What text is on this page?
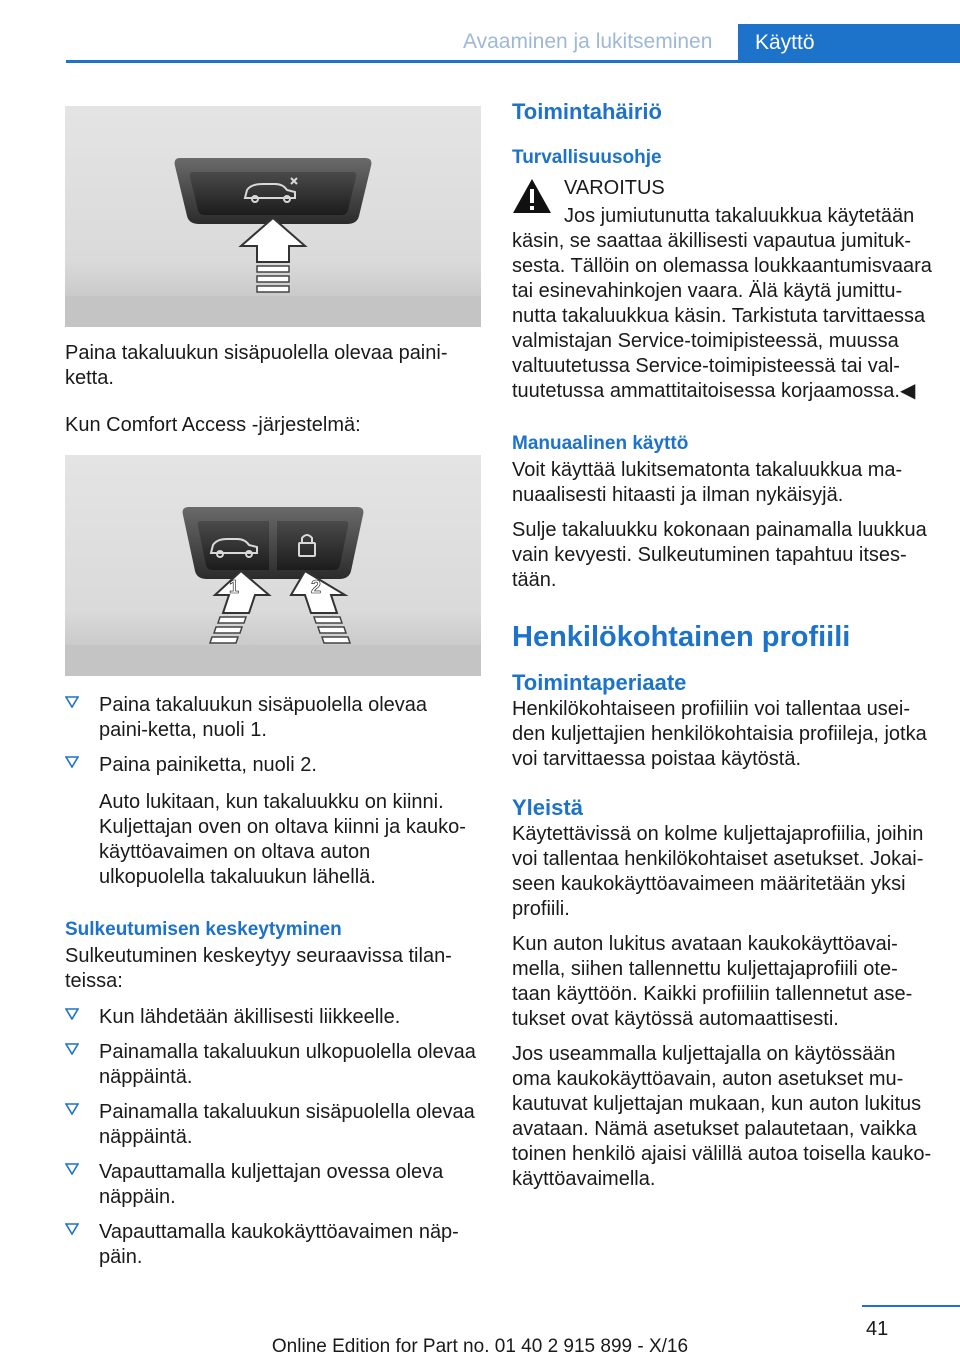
Avaaminen ja lukitseminen Käyttö

Paina takaluukun sisäpuolella olevaa paini‐ketta.

Kun Comfort Access -järjestelmä:

1	2
Paina takaluukun sisäpuolella olevaa paini‐ketta, nuoli 1.
Paina painiketta, nuoli 2.

Auto lukitaan, kun takaluukku on kiinni. Kuljettajan oven on oltava kiinni ja kauko‐käyttöavaimen on oltava auton ulkopuolella takaluukun lähellä.

Sulkeutumisen keskeytyminen

Sulkeutuminen keskeytyy seuraavissa tilan‐teissa:

Kun lähdetään äkillisesti liikkeelle.
Painamalla takaluukun ulkopuolella olevaa näppäintä.
Painamalla takaluukun sisäpuolella olevaa näppäintä.
Vapauttamalla kuljettajan ovessa oleva näppäin.
Vapauttamalla kaukokäyttöavaimen näp‐päin.
Toimintahäiriö
Turvallisuusohje

VAROITUS

Jos jumiutunutta takaluukkua käytetään

käsin, se saattaa äkillisesti vapautua jumituk‐sesta. Tällöin on olemassa loukkaantumisvaara tai esinevahinkojen vaara. Älä käytä jumittu‐nutta takaluukkua käsin. Tarkistuta tarvittaessa valmistajan Service-toimipisteessä, muussa valtuutetussa Service-toimipisteessä tai val‐tuutetussa ammattitaitoisessa korjaamossa.◀

Manuaalinen käyttö

Voit käyttää lukitsematonta takaluukkua ma‐nuaalisesti hitaasti ja ilman nykäisyjä.

Sulje takaluukku kokonaan painamalla luukkua vain kevyesti. Sulkeutuminen tapahtuu itses‐tään.

Henkilökohtainen profiili
Toimintaperiaate

Henkilökohtaiseen profiiliin voi tallentaa usei‐den kuljettajien henkilökohtaisia profiileja, jotka voi tarvittaessa poistaa käytöstä.

Yleistä

Käytettävissä on kolme kuljettajaprofiilia, joihin voi tallentaa henkilökohtaiset asetukset. Jokai‐seen kaukokäyttöavaimeen määritetään yksi profiili.

Kun auton lukitus avataan kaukokäyttöavai‐mella, siihen tallennettu kuljettajaprofiili ote‐taan käyttöön. Kaikki profiiliin tallennetut ase‐tukset ovat käytössä automaattisesti.

Jos useammalla kuljettajalla on käytössään oma kaukokäyttöavain, auton asetukset mu‐kautuvat kuljettajan mukaan, kun auton lukitus avataan. Nämä asetukset palautetaan, vaikka toinen henkilö ajaisi välillä autoa toisella kauko‐käyttöavaimella.

41
Online Edition for Part no. 01 40 2 915 899 - X/16
